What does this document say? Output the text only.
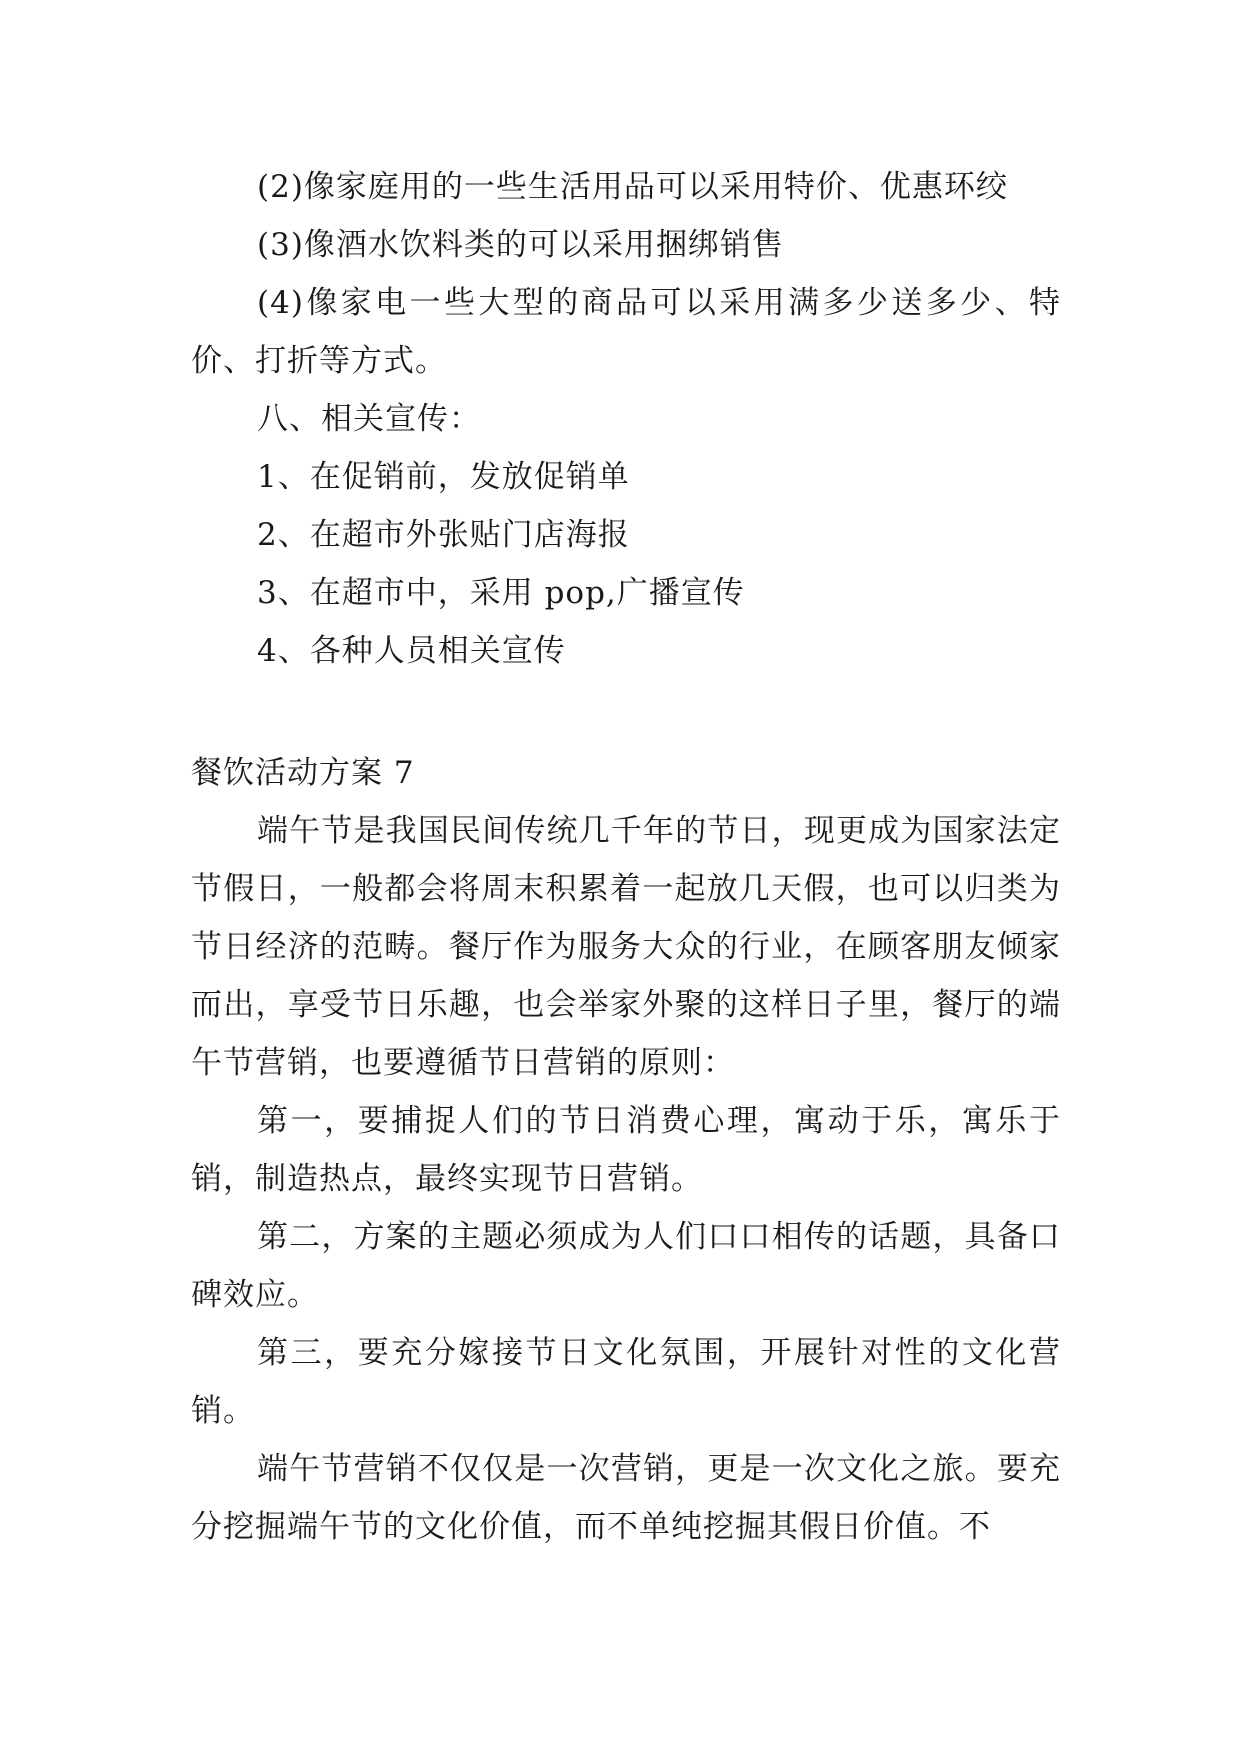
(2)像家庭用的一些生活用品可以采用特价、优惠环绞

(3)像酒水饮料类的可以采用捆绑销售

(4)像家电一些大型的商品可以采用满多少送多少、特价、打折等方式。

八、相关宣传：

1、在促销前，发放促销单

2、在超市外张贴门店海报

3、在超市中，采用 pop,广播宣传

4、各种人员相关宣传

餐饮活动方案 7

端午节是我国民间传统几千年的节日，现更成为国家法定节假日，一般都会将周末积累着一起放几天假，也可以归类为节日经济的范畴。餐厅作为服务大众的行业，在顾客朋友倾家而出，享受节日乐趣，也会举家外聚的这样日子里，餐厅的端午节营销，也要遵循节日营销的原则：

第一，要捕捉人们的节日消费心理，寓动于乐，寓乐于销，制造热点，最终实现节日营销。

第二，方案的主题必须成为人们口口相传的话题，具备口碑效应。

第三，要充分嫁接节日文化氛围，开展针对性的文化营销。

端午节营销不仅仅是一次营销，更是一次文化之旅。要充分挖掘端午节的文化价值，而不单纯挖掘其假日价值。不
